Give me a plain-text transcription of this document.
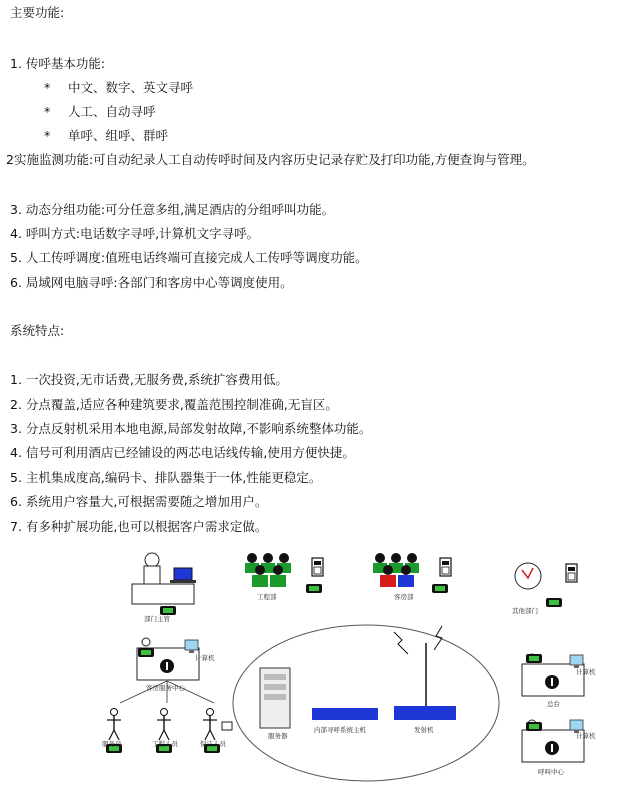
主要功能:
1. 传呼基本功能:
* 中文、数字、英文寻呼
* 人工、自动寻呼
* 单呼、组呼、群呼
2实施监测功能:可自动纪录人工自动传呼时间及内容历史记录存贮及打印功能,方便查询与管理。
3. 动态分组功能:可分任意多组,满足酒店的分组呼叫功能。
4. 呼叫方式:电话数字寻呼,计算机文字寻呼。
5. 人工传呼调度:值班电话终端可直接完成人工传呼等调度功能。
6. 局域网电脑寻呼:各部门和客房中心等调度使用。
系统特点:
1. 一次投资,无市话费,无服务费,系统扩容费用低。
2. 分点覆盖,适应各种建筑要求,覆盖范围控制准确,无盲区。
3. 分点反射机采用本地电源,局部发射故障,不影响系统整体功能。
4. 信号可利用酒店已经铺设的两芯电话线传输,使用方便快捷。
5. 主机集成度高,编码卡、排队器集于一体,性能更稳定。
6. 系统用户容量大,可根据需要随之增加用户。
7. 有多种扩展功能,也可以根据客户需求定做。
部门主管
工程部	客房部
其他部门
计算机
客房服务中心
服务员	工程人员	保洁人员
服务器
内部寻呼系统主机	发射机
计算机
总台
计算机
呼叫中心
